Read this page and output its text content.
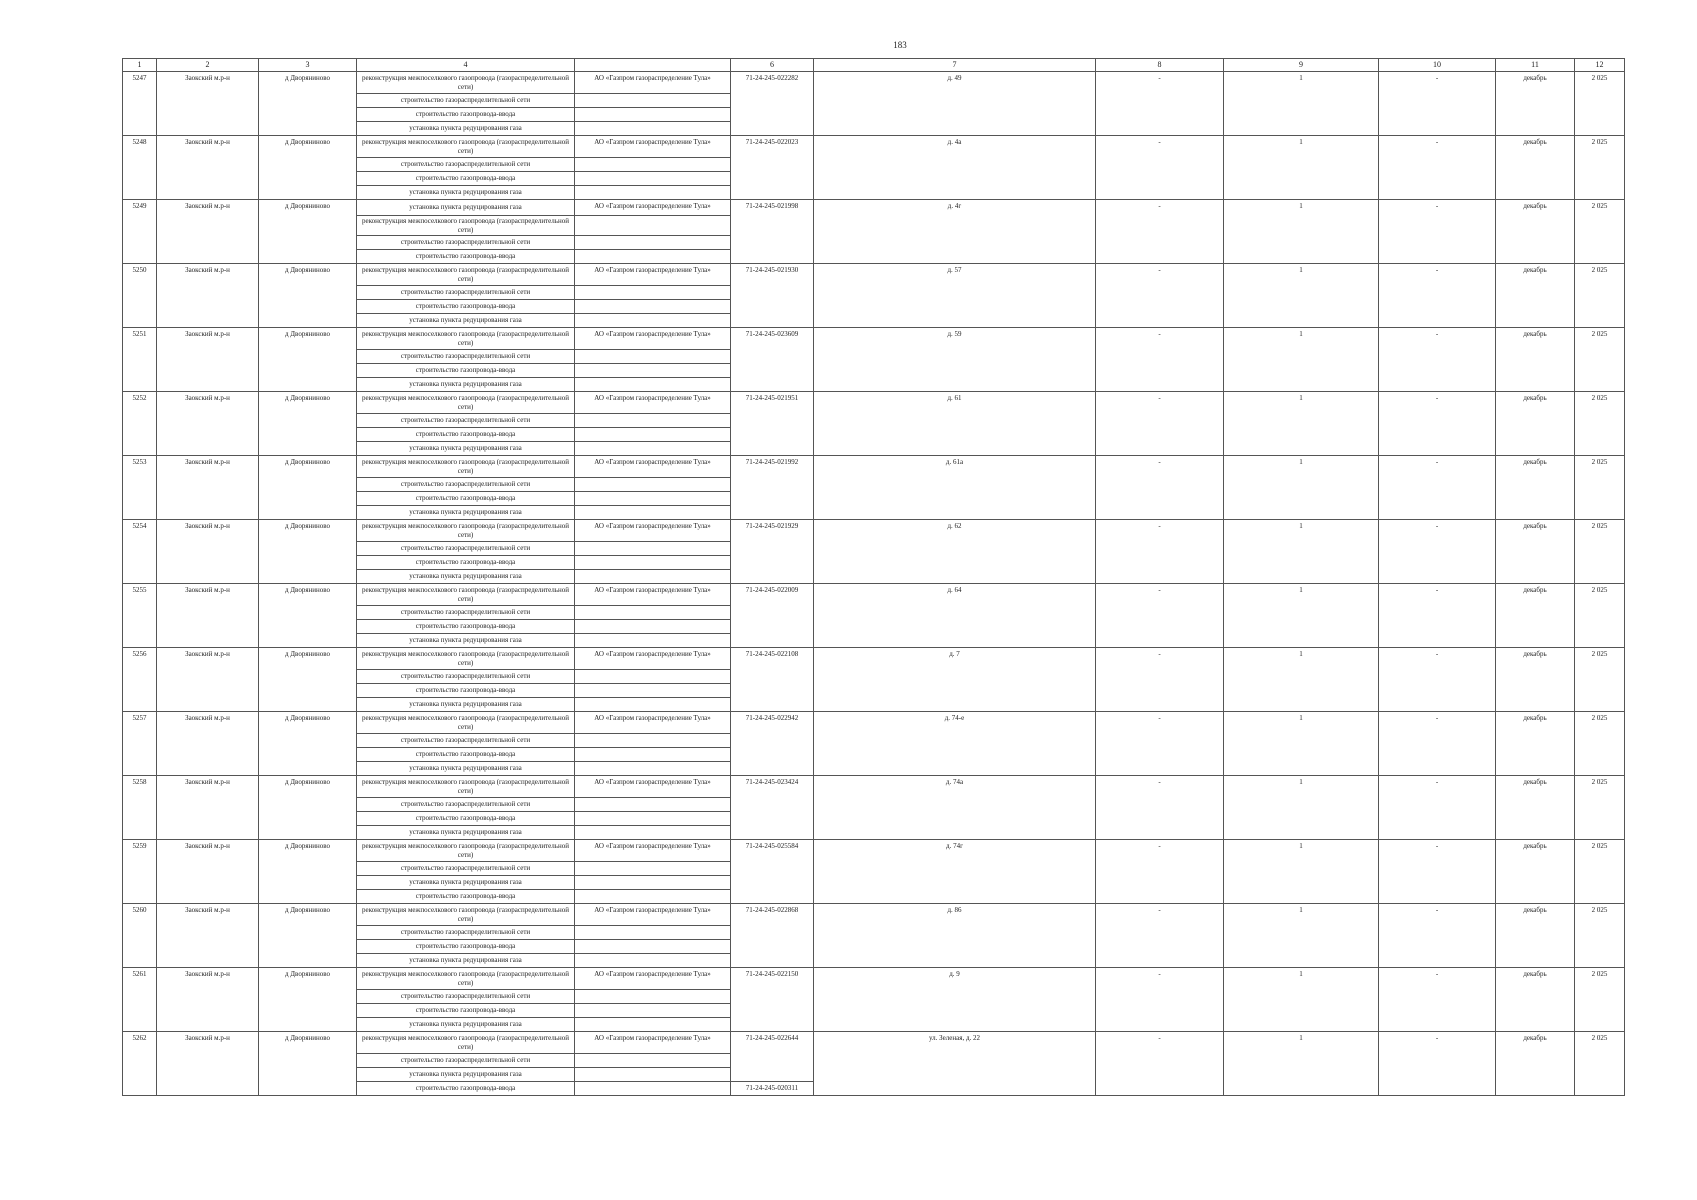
183
1	2	3	4		6	7	8	9	10	11	12
5247	Заокский м.р-н	д Дворяниново	реконструкция межпоселкового газопровода (газораспределительной сети)	АО «Газпром газораспределение Тула»	71-24-245-022282	д. 49	-	1	-	декабрь	2 025
			строительство газораспределительной сети								
			строительство газопровода-ввода								
			установка пункта редуцирования газа								
5248	Заокский м.р-н	д Дворяниново	реконструкция межпоселкового газопровода (газораспределительной сети)	АО «Газпром газораспределение Тула»	71-24-245-022023	д. 4а	-	1	-	декабрь	2 025
			строительство газораспределительной сети								
			строительство газопровода-ввода								
			установка пункта редуцирования газа								
5249	Заокский м.р-н	д Дворяниново	установка пункта редуцирования газа	АО «Газпром газораспределение Тула»	71-24-245-021998	д. 4г	-	1	-	декабрь	2 025
			реконструкция межпоселкового газопровода (газораспределительной сети)								
			строительство газораспределительной сети								
			строительство газопровода-ввода								
5250	Заокский м.р-н	д Дворяниново	реконструкция межпоселкового газопровода (газораспределительной сети)	АО «Газпром газораспределение Тула»	71-24-245-021930	д. 57	-	1	-	декабрь	2 025
			строительство газораспределительной сети								
			строительство газопровода-ввода								
			установка пункта редуцирования газа								
5251	Заокский м.р-н	д Дворяниново	реконструкция межпоселкового газопровода (газораспределительной сети)	АО «Газпром газораспределение Тула»	71-24-245-023609	д. 59	-	1	-	декабрь	2 025
			строительство газораспределительной сети								
			строительство газопровода-ввода								
			установка пункта редуцирования газа								
5252	Заокский м.р-н	д Дворяниново	реконструкция межпоселкового газопровода (газораспределительной сети)	АО «Газпром газораспределение Тула»	71-24-245-021951	д. 61	-	1	-	декабрь	2 025
			строительство газораспределительной сети								
			строительство газопровода-ввода								
			установка пункта редуцирования газа								
5253	Заокский м.р-н	д Дворяниново	реконструкция межпоселкового газопровода (газораспределительной сети)	АО «Газпром газораспределение Тула»	71-24-245-021992	д. 61а	-	1	-	декабрь	2 025
			строительство газораспределительной сети								
			строительство газопровода-ввода								
			установка пункта редуцирования газа								
5254	Заокский м.р-н	д Дворяниново	реконструкция межпоселкового газопровода (газораспределительной сети)	АО «Газпром газораспределение Тула»	71-24-245-021929	д. 62	-	1	-	декабрь	2 025
			строительство газораспределительной сети								
			строительство газопровода-ввода								
			установка пункта редуцирования газа								
5255	Заокский м.р-н	д Дворяниново	реконструкция межпоселкового газопровода (газораспределительной сети)	АО «Газпром газораспределение Тула»	71-24-245-022009	д. 64	-	1	-	декабрь	2 025
			строительство газораспределительной сети								
			строительство газопровода-ввода								
			установка пункта редуцирования газа								
5256	Заокский м.р-н	д Дворяниново	реконструкция межпоселкового газопровода (газораспределительной сети)	АО «Газпром газораспределение Тула»	71-24-245-022108	д. 7	-	1	-	декабрь	2 025
			строительство газораспределительной сети								
			строительство газопровода-ввода								
			установка пункта редуцирования газа								
5257	Заокский м.р-н	д Дворяниново	реконструкция межпоселкового газопровода (газораспределительной сети)	АО «Газпром газораспределение Тула»	71-24-245-022942	д. 74-е	-	1	-	декабрь	2 025
			строительство газораспределительной сети								
			строительство газопровода-ввода								
			установка пункта редуцирования газа								
5258	Заокский м.р-н	д Дворяниново	реконструкция межпоселкового газопровода (газораспределительной сети)	АО «Газпром газораспределение Тула»	71-24-245-023424	д. 74а	-	1	-	декабрь	2 025
			строительство газораспределительной сети								
			строительство газопровода-ввода								
			установка пункта редуцирования газа								
5259	Заокский м.р-н	д Дворяниново	реконструкция межпоселкового газопровода (газораспределительной сети)	АО «Газпром газораспределение Тула»	71-24-245-025584	д. 74г	-	1	-	декабрь	2 025
			строительство газораспределительной сети								
			установка пункта редуцирования газа								
			строительство газопровода-ввода								
5260	Заокский м.р-н	д Дворяниново	реконструкция межпоселкового газопровода (газораспределительной сети)	АО «Газпром газораспределение Тула»	71-24-245-022868	д. 86	-	1	-	декабрь	2 025
			строительство газораспределительной сети								
			строительство газопровода-ввода								
			установка пункта редуцирования газа								
5261	Заокский м.р-н	д Дворяниново	реконструкция межпоселкового газопровода (газораспределительной сети)	АО «Газпром газораспределение Тула»	71-24-245-022150	д. 9	-	1	-	декабрь	2 025
			строительство газораспределительной сети								
			строительство газопровода-ввода								
			установка пункта редуцирования газа								
5262	Заокский м.р-н	д Дворяниново	реконструкция межпоселкового газопровода (газораспределительной сети)	АО «Газпром газораспределение Тула»	71-24-245-022644	ул. Зеленая, д. 22	-	1	-	декабрь	2 025
			строительство газораспределительной сети								
			установка пункта редуцирования газа								
			строительство газопровода-ввода		71-24-245-020311						
